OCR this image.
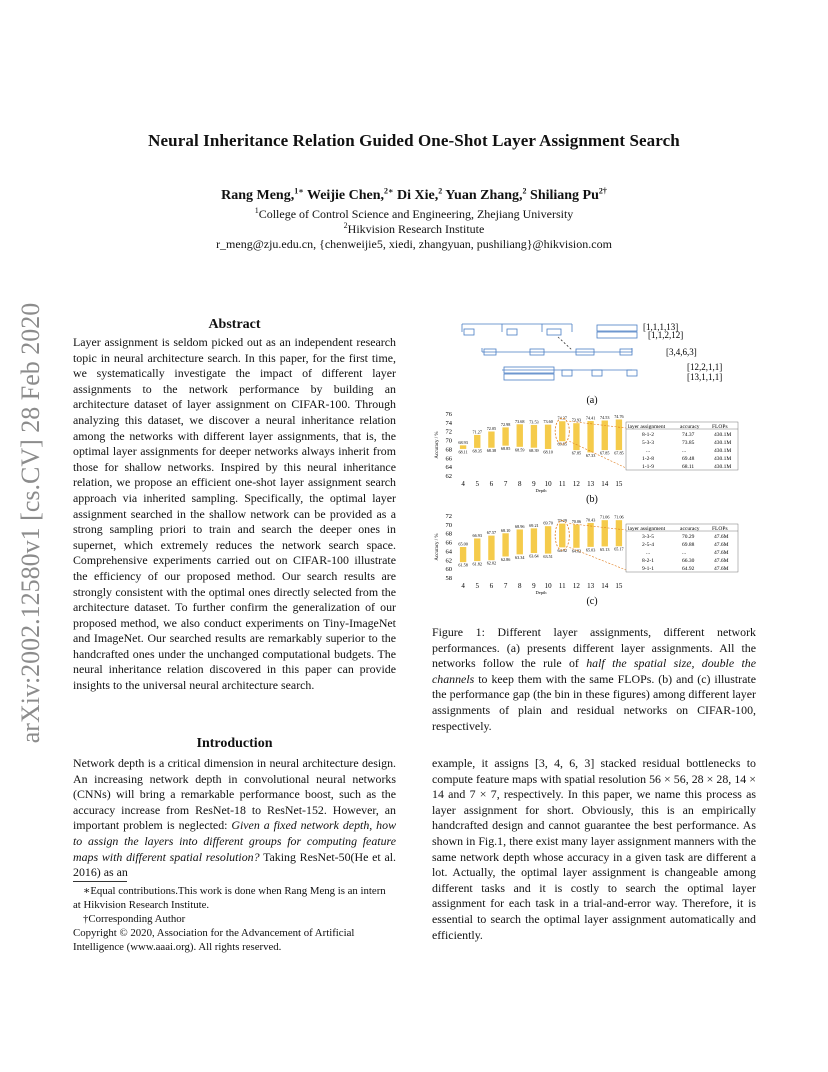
arXiv:2002.12580v1 [cs.CV] 28 Feb 2020
Neural Inheritance Relation Guided One-Shot Layer Assignment Search
Rang Meng,$^{1∗}$ Weijie Chen,$^{2∗}$ Di Xie,$^2$ Yuan Zhang,$^2$ Shiliang $Pu^{2\dagger}$
$^1$College of Control Science and Engineering, Zhejiang University
$^2$Hikvision Research Institute
r_meng@zju.edu.cn, {chenweijie5, xiedi, zhangyuan, pushiliang}@hikvision.com
Abstract
Layer assignment is seldom picked out as an independent research topic in neural architecture search. In this paper, for the first time, we systematically investigate the impact of different layer assignments to the network performance by building an architecture dataset of layer assignment on CIFAR-100. Through analyzing this dataset, we discover a neural inheritance relation among the networks with different layer assignments, that is, the optimal layer assignments for deeper networks always inherit from those for shallow networks. Inspired by this neural inheritance relation, we propose an efficient one-shot layer assignment search approach via inherited sampling. Specifically, the optimal layer assignment searched in the shallow network can be provided as a strong sampling priori to train and search the deeper ones in supernet, which extremely reduces the network search space. Comprehensive experiments carried out on CIFAR-100 illustrate the efficiency of our proposed method. Our search results are strongly consistent with the optimal ones directly selected from the architecture dataset. To further confirm the generalization of our proposed method, we also conduct experiments on Tiny-ImageNet and ImageNet. Our searched results are remarkably superior to the handcrafted ones under the unchanged computational budgets. The neural inheritance relation discovered in this paper can provide insights to the universal neural architecture search.
Introduction
Network depth is a critical dimension in neural architecture design. An increasing network depth in convolutional neural networks (CNNs) will bring a remarkable performance boost, such as the accuracy increase from ResNet-18 to ResNet-152. However, an important problem is neglected: Given a fixed network depth, how to assign the layers into different groups for computing feature maps with different spatial resolution? Taking ResNet-50(He et al. 2016) as an
∗Equal contributions.This work is done when Rang Meng is an intern at Hikvision Research Institute.
†Corresponding Author
Copyright © 2020, Association for the Advancement of Artificial Intelligence (www.aaai.org). All rights reserved.
[1,1,1,13]
[1,1,2,12]
[3,4,6,3]
[12,2,1,1]
[13,1,1,1]
(a)
Accuracy / %
76
74
72
70
68
66
64
62
68.93
68.11
4
71.27
68.35
5
72.05
68.38
6
72.98
68.85
7
73.68
68.59
8
73.53
68.39
9
73.60
68.10
10
74.37
69.85
11
73.93
67.85
12
74.41
67.33
13
74.53
67.85
14
74.76
67.85
15
Depth
layer assignment	accuracy FLOPs
8-1-2	74.37	430.1M
5-3-3	73.85	430.1M
...	...	430.1M
1-2-8	69.48	430.1M
1-1-9	68.11	430.1M
(b)
Accuracy / %
72
70
68
66
64
62
60
58
65.00
61.58
4
66.93
61.82
5
67.57
62.02
6
68.10
62.86
7
68.96
63.34
8
69.21
63.64
9
69.70
63.51
10
70.29
64.92
11
70.06
64.82
12
70.43
65.03
13
71.06
65.13
14
71.06
65.17
15
Depth
layer assignment	accuracy FLOPs
3-3-5	70.29	47.6M
2-5-4	69.88	47.6M
...	...	47.6M
8-2-1	66.30	47.6M
9-1-1	64.92	47.6M
(c)
Figure 1: Different layer assignments, different network performances. (a) presents different layer assignments. All the networks follow the rule of half the spatial size, double the channels to keep them with the same FLOPs. (b) and (c) illustrate the performance gap (the bin in these figures) among different layer assignments of plain and residual networks on CIFAR-100, respectively.
example, it assigns [3, 4, 6, 3] stacked residual bottlenecks to compute feature maps with spatial resolution 56 × 56, 28 × 28, 14 × 14 and 7 × 7, respectively. In this paper, we name this process as layer assignment for short. Obviously, this is an empirically handcrafted design and cannot guarantee the best performance. As shown in Fig.1, there exist many layer assignment manners with the same network depth whose accuracy in a given task are different a lot. Actually, the optimal layer assignment is changeable among different tasks and it is costly to search the optimal layer assignment for each task in a trial-and-error way. Therefore, it is essential to search the optimal layer assignment automatically and efficiently.
